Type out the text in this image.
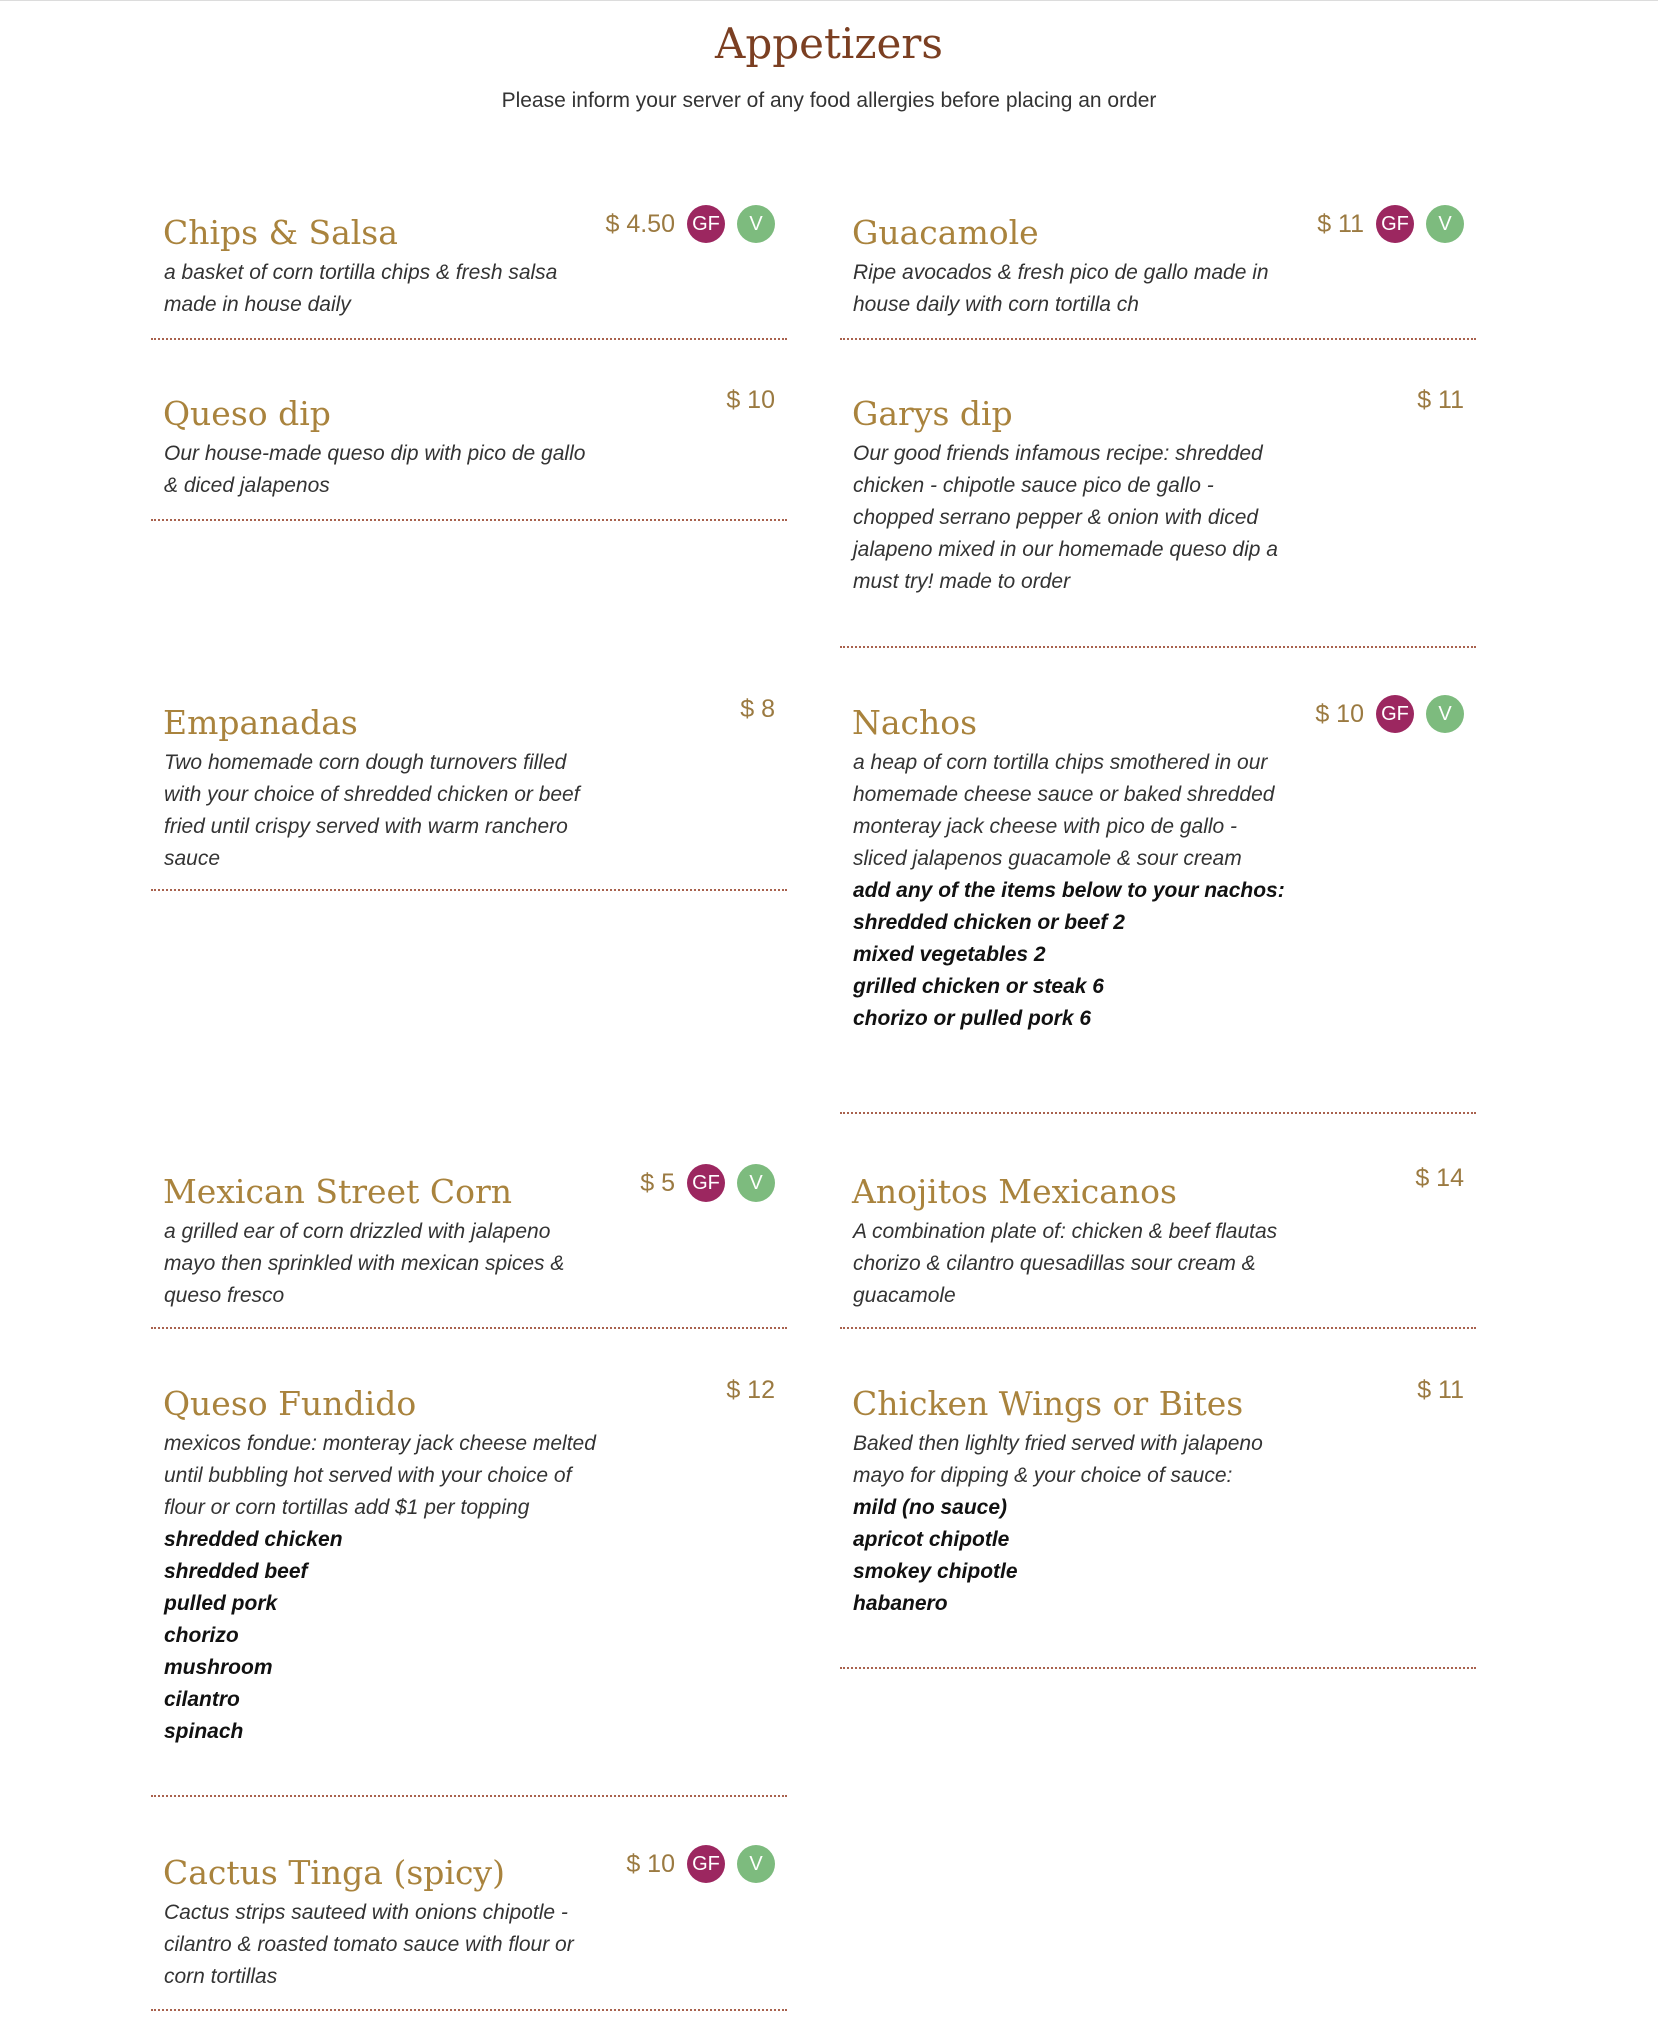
Appetizers
Please inform your server of any food allergies before placing an order
Chips & Salsa	$ 4.50 GF	V
a basket of corn tortilla chips & fresh salsa made in house daily
Guacamole	$ 11 GF	V
Ripe avocados & fresh pico de gallo made in house daily with corn tortilla ch
Queso dip	$ 10
Our house-made queso dip with pico de gallo & diced jalapenos
Garys dip	$ 11
Our good friends infamous recipe: shredded chicken - chipotle sauce pico de gallo - chopped serrano pepper & onion with diced jalapeno mixed in our homemade queso dip a must try! made to order
Empanadas	$ 8
Two homemade corn dough turnovers filled with your choice of shredded chicken or beef fried until crispy served with warm ranchero sauce
Nachos	$ 10 GF	V
a heap of corn tortilla chips smothered in our homemade cheese sauce or baked shredded monteray jack cheese with pico de gallo - sliced jalapenos guacamole & sour cream
add any of the items below to your nachos:
shredded chicken or beef 2
mixed vegetables 2
grilled chicken or steak 6
chorizo or pulled pork 6
Mexican Street Corn	$ 5 GF	V
a grilled ear of corn drizzled with jalapeno mayo then sprinkled with mexican spices & queso fresco
Anojitos Mexicanos	$ 14
A combination plate of: chicken & beef flautas chorizo & cilantro quesadillas sour cream & guacamole
Queso Fundido	$ 12
mexicos fondue: monteray jack cheese melted until bubbling hot served with your choice of flour or corn tortillas add $1 per topping
shredded chicken
shredded beef
pulled pork
chorizo
mushroom
cilantro
spinach
Chicken Wings or Bites	$ 11
Baked then lighlty fried served with jalapeno mayo for dipping & your choice of sauce:
mild (no sauce)
apricot chipotle
smokey chipotle
habanero
Cactus Tinga (spicy)	$ 10 GF	V
Cactus strips sauteed with onions chipotle - cilantro & roasted tomato sauce with flour or corn tortillas
